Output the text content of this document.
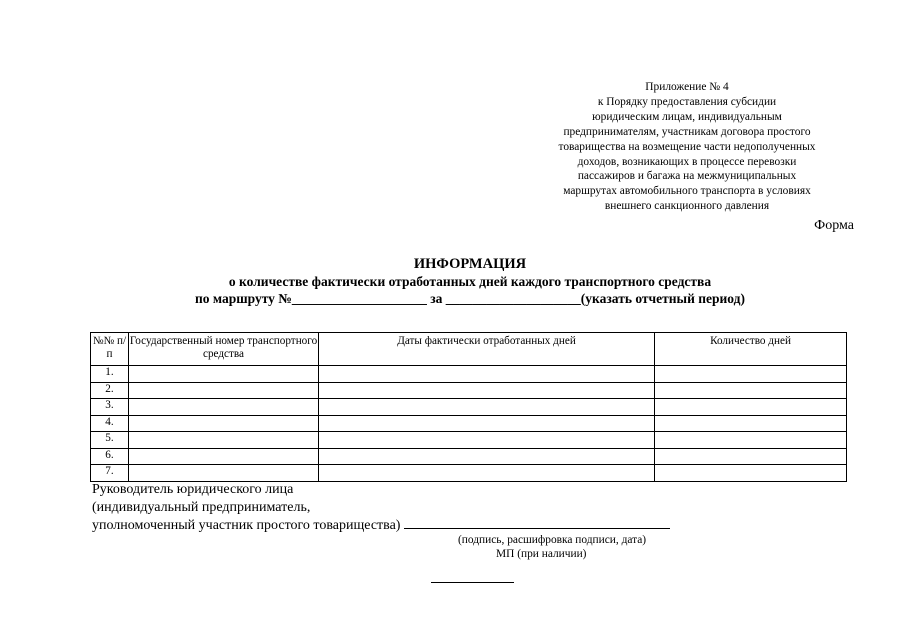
Приложение № 4
к Порядку предоставления субсидии
юридическим лицам, индивидуальным
предпринимателям, участникам договора простого
товарищества на возмещение части недополученных
доходов, возникающих в процессе перевозки
пассажиров и багажа на межмуниципальных
маршрутах автомобильного транспорта в условиях
внешнего санкционного давления
Форма
ИНФОРМАЦИЯ
о количестве фактически отработанных дней каждого транспортного средства
по маршруту №____________________ за ____________________(указать отчетный период)
№№ п/п	Государственный номер транспортного средства	Даты фактически отработанных дней	Количество дней
1.			
2.			
3.			
4.			
5.			
6.			
7.			
Руководитель юридического лица
(индивидуальный предприниматель,
уполномоченный участник простого товарищества)
(подпись, расшифровка подписи, дата)
МП (при наличии)
